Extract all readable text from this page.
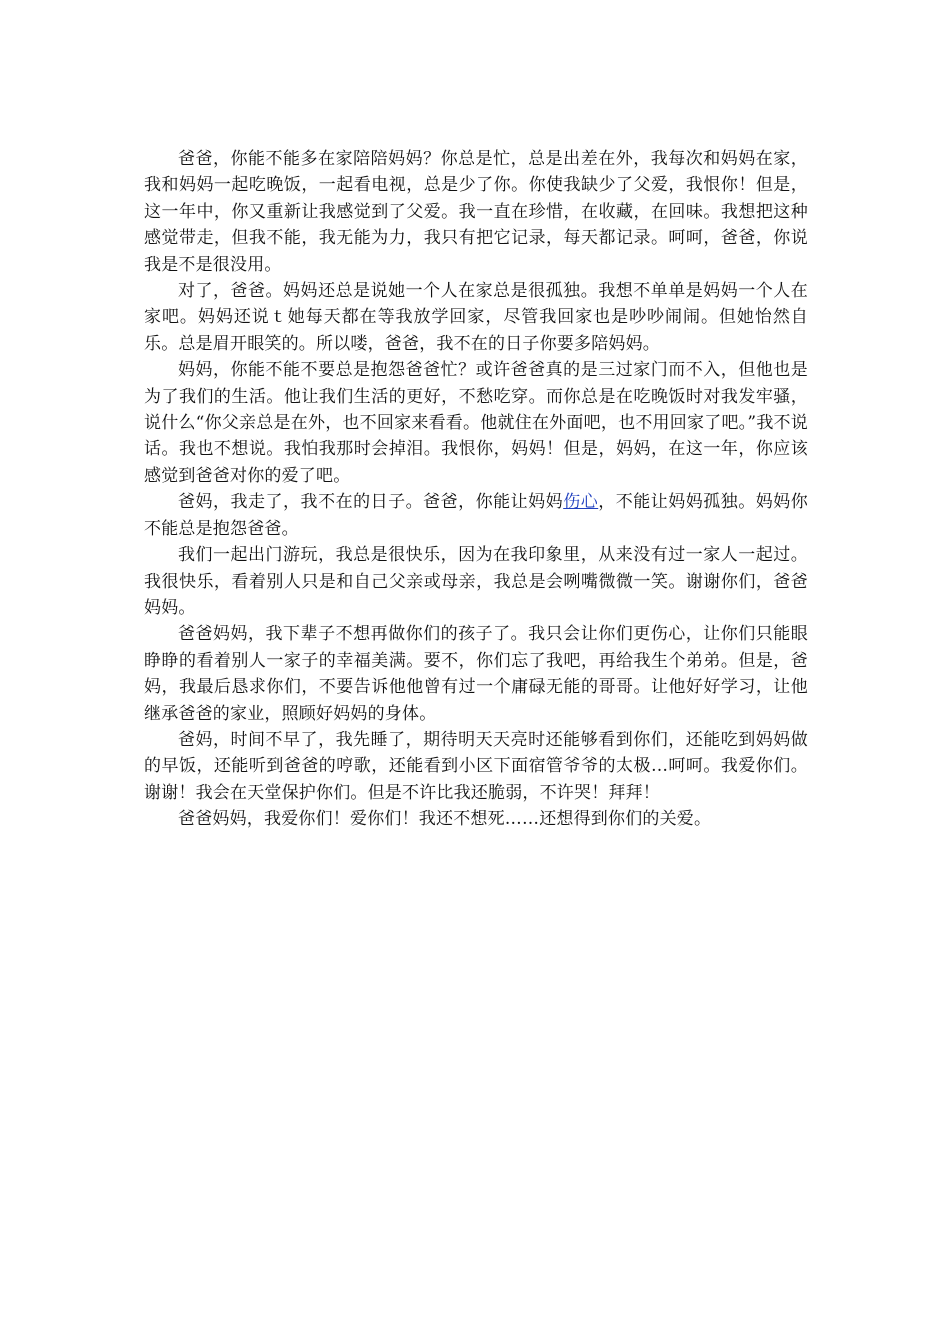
爸爸，你能不能多在家陪陪妈妈？你总是忙，总是出差在外，我每次和妈妈在家，我和妈妈一起吃晚饭，一起看电视，总是少了你。你使我缺少了父爱，我恨你！但是，这一年中，你又重新让我感觉到了父爱。我一直在珍惜，在收藏，在回味。我想把这种感觉带走，但我不能，我无能为力，我只有把它记录，每天都记录。呵呵，爸爸，你说我是不是很没用。

对了，爸爸。妈妈还总是说她一个人在家总是很孤独。我想不单单是妈妈一个人在家吧。妈妈还说ｔ她每天都在等我放学回家，尽管我回家也是吵吵闹闹。但她怡然自乐。总是眉开眼笑的。所以喽，爸爸，我不在的日子你要多陪妈妈。

妈妈，你能不能不要总是抱怨爸爸忙？或许爸爸真的是三过家门而不入，但他也是为了我们的生活。他让我们生活的更好，不愁吃穿。而你总是在吃晚饭时对我发牢骚，说什么“你父亲总是在外，也不回家来看看。他就住在外面吧，也不用回家了吧。”我不说话。我也不想说。我怕我那时会掉泪。我恨你，妈妈！但是，妈妈，在这一年，你应该感觉到爸爸对你的爱了吧。

爸妈，我走了，我不在的日子。爸爸，你能让妈妈伤心，不能让妈妈孤独。妈妈你不能总是抱怨爸爸。

我们一起出门游玩，我总是很快乐，因为在我印象里，从来没有过一家人一起过。我很快乐，看着别人只是和自己父亲或母亲，我总是会咧嘴微微一笑。谢谢你们，爸爸妈妈。

爸爸妈妈，我下辈子不想再做你们的孩子了。我只会让你们更伤心，让你们只能眼睁睁的看着别人一家子的幸福美满。要不，你们忘了我吧，再给我生个弟弟。但是，爸妈，我最后恳求你们，不要告诉他他曾有过一个庸碌无能的哥哥。让他好好学习，让他继承爸爸的家业，照顾好妈妈的身体。

爸妈，时间不早了，我先睡了，期待明天天亮时还能够看到你们，还能吃到妈妈做的早饭，还能听到爸爸的哼歌，还能看到小区下面宿管爷爷的太极…呵呵。我爱你们。谢谢！我会在天堂保护你们。但是不许比我还脆弱，不许哭！拜拜！

爸爸妈妈，我爱你们！爱你们！我还不想死……还想得到你们的关爱。
